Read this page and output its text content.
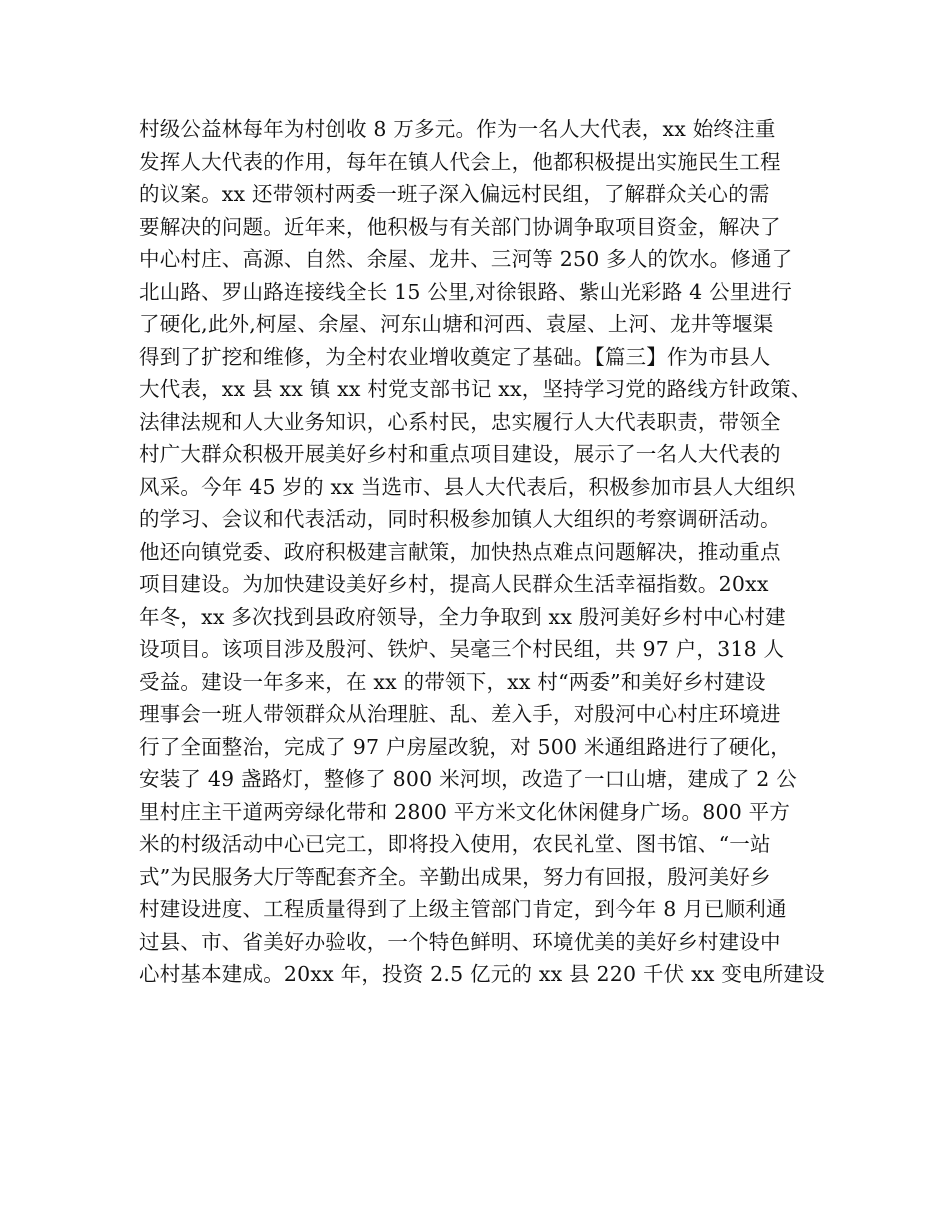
村级公益林每年为村创收 8 万多元。作为一名人大代表，xx 始终注重
发挥人大代表的作用，每年在镇人代会上，他都积极提出实施民生工程
的议案。xx 还带领村两委一班子深入偏远村民组，了解群众关心的需
要解决的问题。近年来，他积极与有关部门协调争取项目资金，解决了
中心村庄、高源、自然、余屋、龙井、三河等 250 多人的饮水。修通了
北山路、罗山路连接线全长 15 公里,对徐银路、紫山光彩路 4 公里进行
了硬化,此外,柯屋、余屋、河东山塘和河西、袁屋、上河、龙井等堰渠
得到了扩挖和维修，为全村农业增收奠定了基础。【篇三】作为市县人
大代表，xx 县 xx 镇 xx 村党支部书记 xx，坚持学习党的路线方针政策、
法律法规和人大业务知识，心系村民，忠实履行人大代表职责，带领全
村广大群众积极开展美好乡村和重点项目建设，展示了一名人大代表的
风采。今年 45 岁的 xx 当选市、县人大代表后，积极参加市县人大组织
的学习、会议和代表活动，同时积极参加镇人大组织的考察调研活动。
他还向镇党委、政府积极建言献策，加快热点难点问题解决，推动重点
项目建设。为加快建设美好乡村，提高人民群众生活幸福指数。20xx
年冬，xx 多次找到县政府领导，全力争取到 xx 殷河美好乡村中心村建
设项目。该项目涉及殷河、铁炉、吴毫三个村民组，共 97 户，318 人
受益。建设一年多来，在 xx 的带领下，xx 村“两委”和美好乡村建设
理事会一班人带领群众从治理脏、乱、差入手，对殷河中心村庄环境进
行了全面整治，完成了 97 户房屋改貌，对 500 米通组路进行了硬化，
安装了 49 盏路灯，整修了 800 米河坝，改造了一口山塘，建成了 2 公
里村庄主干道两旁绿化带和 2800 平方米文化休闲健身广场。800 平方
米的村级活动中心已完工，即将投入使用，农民礼堂、图书馆、“一站
式”为民服务大厅等配套齐全。辛勤出成果，努力有回报，殷河美好乡
村建设进度、工程质量得到了上级主管部门肯定，到今年 8 月已顺利通
过县、市、省美好办验收，一个特色鲜明、环境优美的美好乡村建设中
心村基本建成。20xx 年，投资 2.5 亿元的 xx 县 220 千伏 xx 变电所建设
